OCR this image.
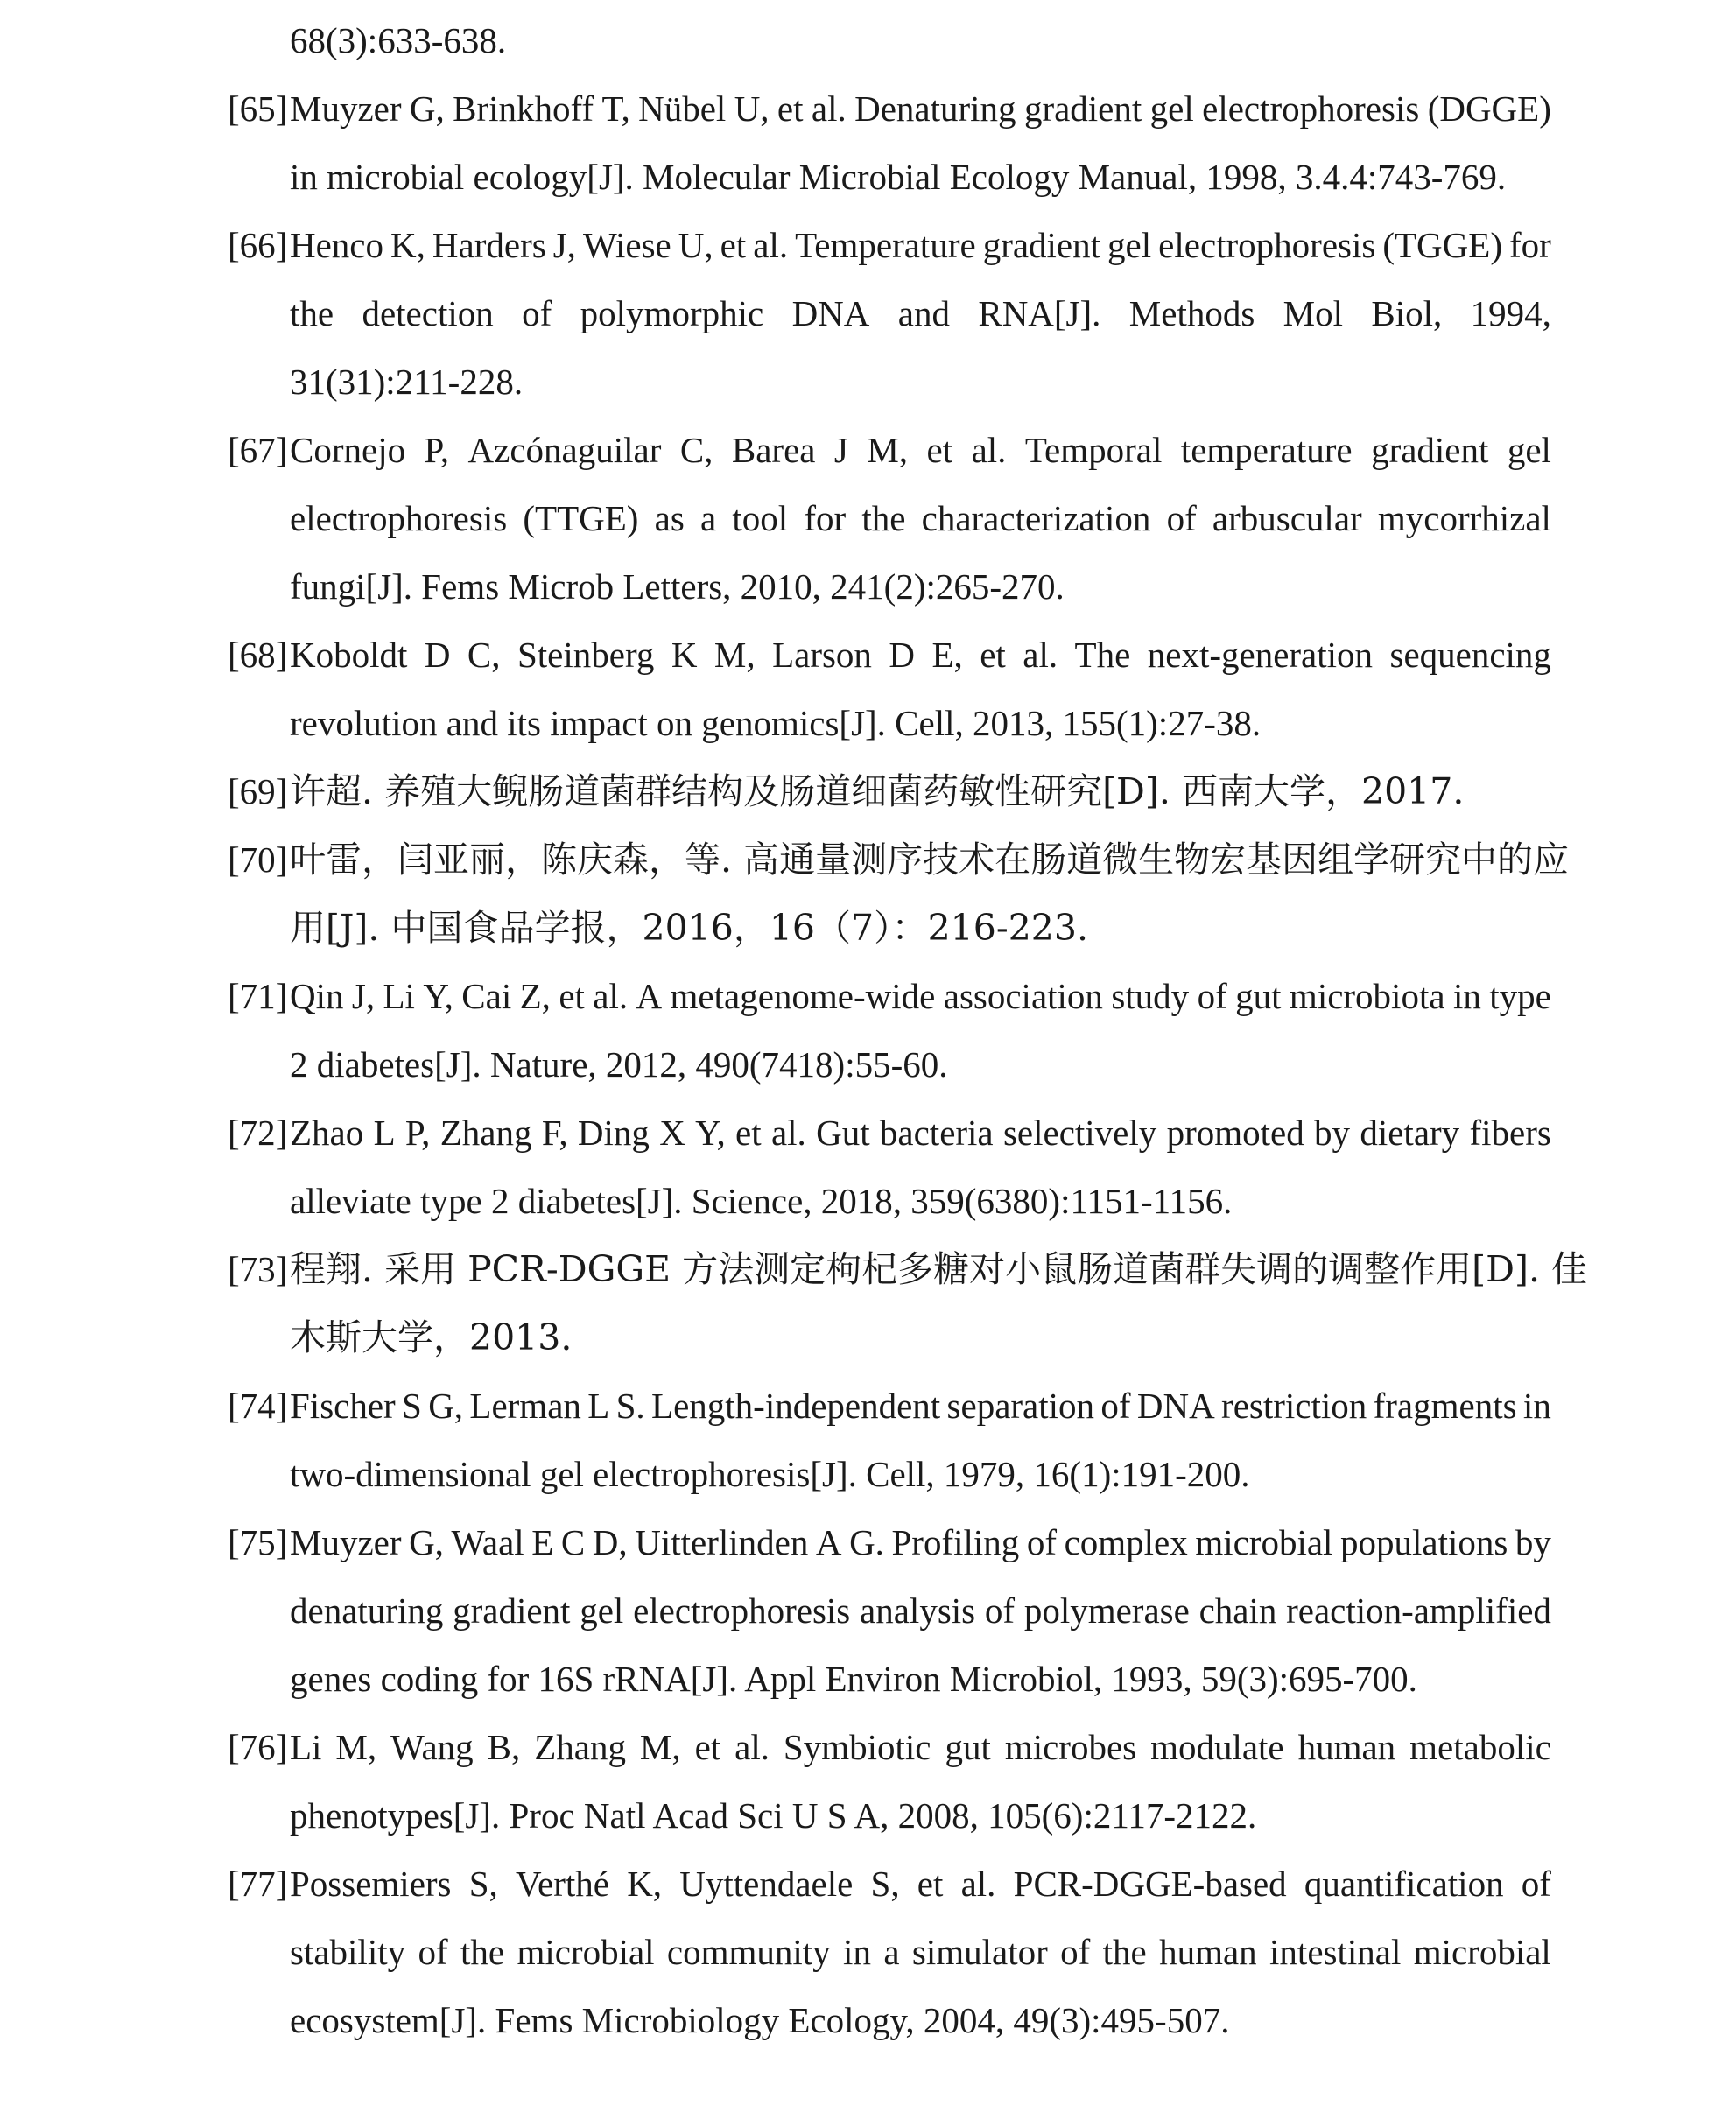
68(3):633-638.
[65] Muyzer G, Brinkhoff T, Nübel U, et al. Denaturing gradient gel electrophoresis (DGGE)
in microbial ecology[J]. Molecular Microbial Ecology Manual, 1998, 3.4.4:743-769.
[66] Henco K, Harders J, Wiese U, et al. Temperature gradient gel electrophoresis (TGGE) for
the detection of polymorphic DNA and RNA[J]. Methods Mol Biol, 1994,
31(31):211-228.
[67] Cornejo P, Azcónaguilar C, Barea J M, et al. Temporal temperature gradient gel
electrophoresis (TTGE) as a tool for the characterization of arbuscular mycorrhizal
fungi[J]. Fems Microb Letters, 2010, 241(2):265-270.
[68] Koboldt D C, Steinberg K M, Larson D E, et al. The next-generation sequencing
revolution and its impact on genomics[J]. Cell, 2013, 155(1):27-38.
[69]许超. 养殖大鲵肠道菌群结构及肠道细菌药敏性研究[D]. 西南大学，2017.
[70]叶雷，闫亚丽，陈庆森，等. 高通量测序技术在肠道微生物宏基因组学研究中的应
用[J]. 中国食品学报，2016，16（7）：216-223.
[71] Qin J, Li Y, Cai Z, et al. A metagenome-wide association study of gut microbiota in type
2 diabetes[J]. Nature, 2012, 490(7418):55-60.
[72] Zhao L P, Zhang F, Ding X Y, et al. Gut bacteria selectively promoted by dietary fibers
alleviate type 2 diabetes[J]. Science, 2018, 359(6380):1151-1156.
[73]程翔. 采用 PCR-DGGE 方法测定枸杞多糖对小鼠肠道菌群失调的调整作用[D]. 佳
木斯大学，2013.
[74] Fischer S G, Lerman L S. Length-independent separation of DNA restriction fragments in
two-dimensional gel electrophoresis[J]. Cell, 1979, 16(1):191-200.
[75] Muyzer G, Waal E C D, Uitterlinden A G. Profiling of complex microbial populations by
denaturing gradient gel electrophoresis analysis of polymerase chain reaction-amplified
genes coding for 16S rRNA[J]. Appl Environ Microbiol, 1993, 59(3):695-700.
[76] Li M, Wang B, Zhang M, et al. Symbiotic gut microbes modulate human metabolic
phenotypes[J]. Proc Natl Acad Sci U S A, 2008, 105(6):2117-2122.
[77] Possemiers S, Verthé K, Uyttendaele S, et al. PCR-DGGE-based quantification of
stability of the microbial community in a simulator of the human intestinal microbial
ecosystem[J]. Fems Microbiology Ecology, 2004, 49(3):495-507.
